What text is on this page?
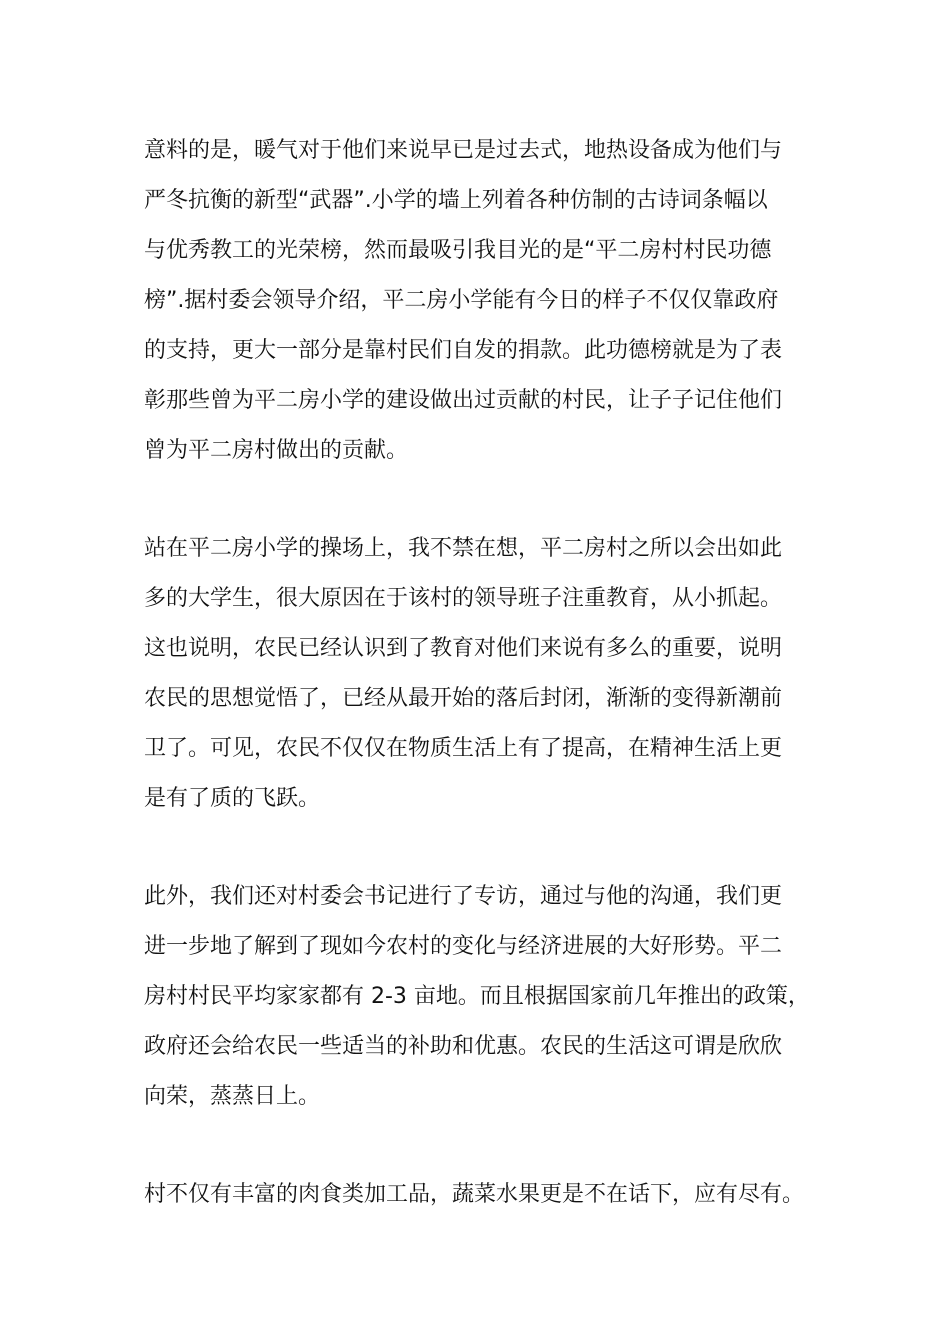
意料的是，暖气对于他们来说早已是过去式，地热设备成为他们与
严冬抗衡的新型“武器”.小学的墙上列着各种仿制的古诗词条幅以
与优秀教工的光荣榜，然而最吸引我目光的是“平二房村村民功德
榜”.据村委会领导介绍，平二房小学能有今日的样子不仅仅靠政府
的支持，更大一部分是靠村民们自发的捐款。此功德榜就是为了表
彰那些曾为平二房小学的建设做出过贡献的村民，让子子记住他们
曾为平二房村做出的贡献。
站在平二房小学的操场上，我不禁在想，平二房村之所以会出如此
多的大学生，很大原因在于该村的领导班子注重教育，从小抓起。
这也说明，农民已经认识到了教育对他们来说有多么的重要，说明
农民的思想觉悟了，已经从最开始的落后封闭，渐渐的变得新潮前
卫了。可见，农民不仅仅在物质生活上有了提高，在精神生活上更
是有了质的飞跃。
此外，我们还对村委会书记进行了专访，通过与他的沟通，我们更
进一步地了解到了现如今农村的变化与经济进展的大好形势。平二
房村村民平均家家都有 2-3 亩地。而且根据国家前几年推出的政策，
政府还会给农民一些适当的补助和优惠。农民的生活这可谓是欣欣
向荣，蒸蒸日上。
村不仅有丰富的肉食类加工品，蔬菜水果更是不在话下，应有尽有。
